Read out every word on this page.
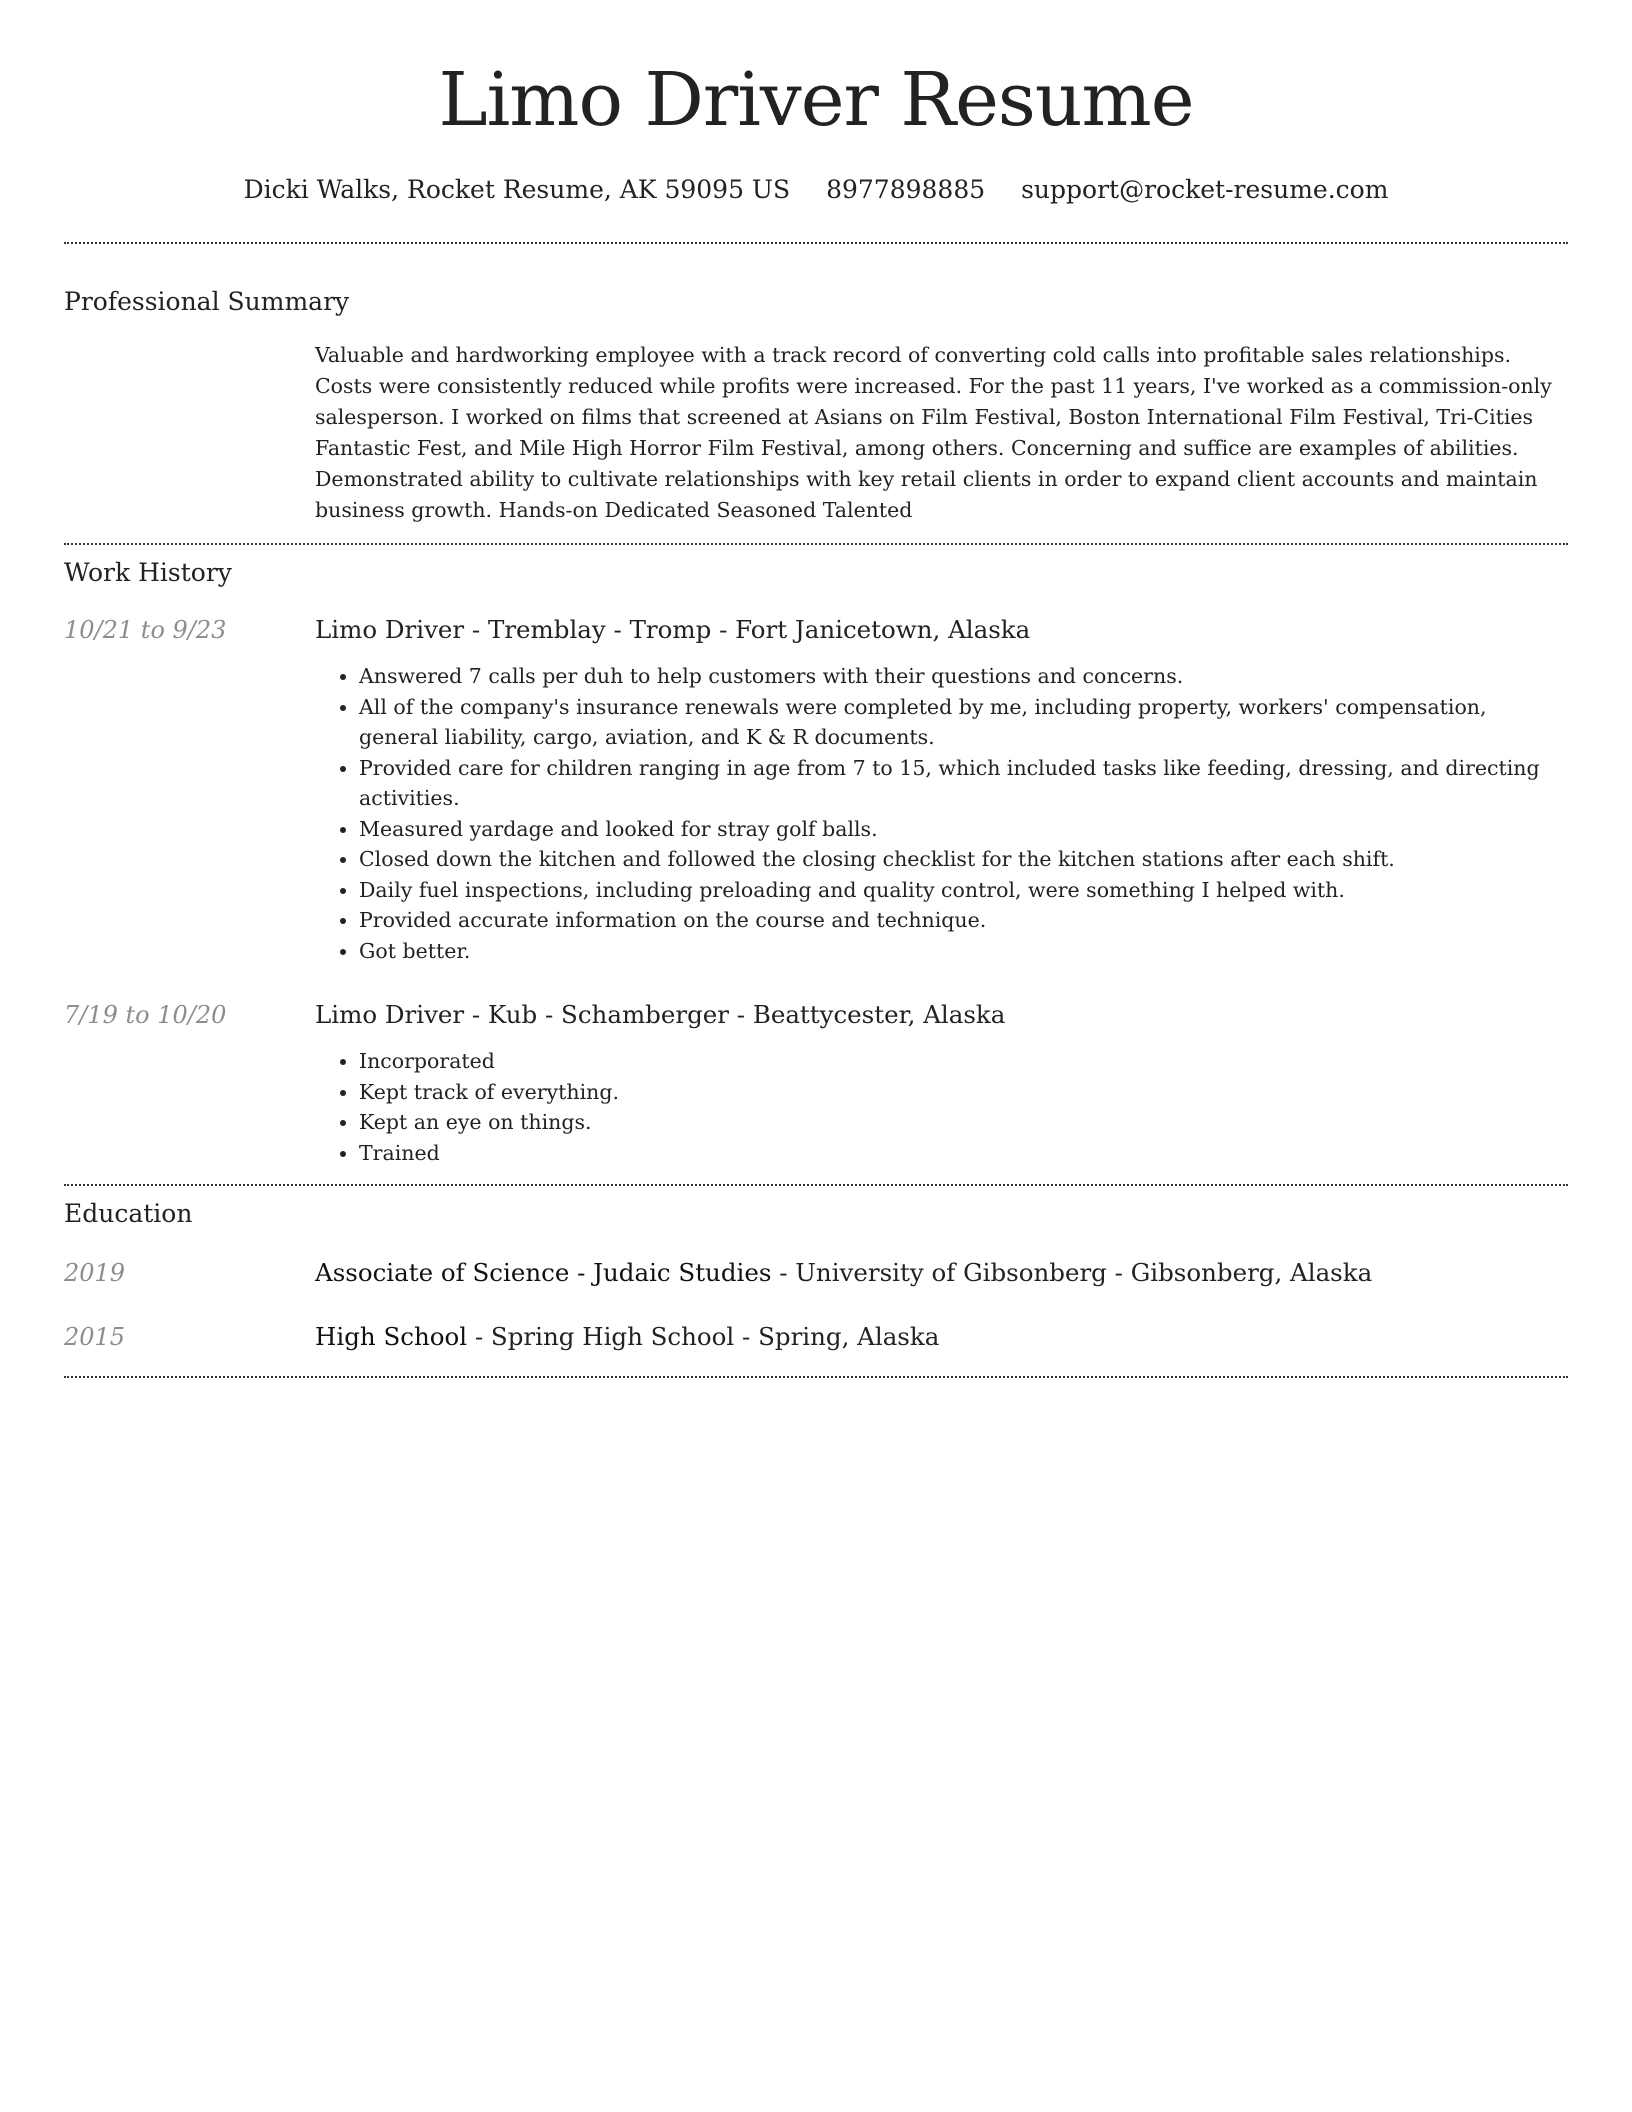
Limo Driver Resume
Dicki Walks, Rocket Resume, AK 59095 US 8977898885 support@rocket-resume.com
Professional Summary
Valuable and hardworking employee with a track record of converting cold calls into profitable sales relationships. Costs were consistently reduced while profits were increased. For the past 11 years, I've worked as a commission-only salesperson. I worked on films that screened at Asians on Film Festival, Boston International Film Festival, Tri-Cities Fantastic Fest, and Mile High Horror Film Festival, among others. Concerning and suffice are examples of abilities. Demonstrated ability to cultivate relationships with key retail clients in order to expand client accounts and maintain business growth. Hands-on Dedicated Seasoned Talented
Work History
10/21 to 9/23	Limo Driver - Tremblay - Tromp - Fort Janicetown, Alaska
• Answered 7 calls per duh to help customers with their questions and concerns.
• All of the company's insurance renewals were completed by me, including property, workers' compensation, general liability, cargo, aviation, and K & R documents.
• Provided care for children ranging in age from 7 to 15, which included tasks like feeding, dressing, and directing activities.
• Measured yardage and looked for stray golf balls.
• Closed down the kitchen and followed the closing checklist for the kitchen stations after each shift.
• Daily fuel inspections, including preloading and quality control, were something I helped with.
• Provided accurate information on the course and technique.
• Got better.
7/19 to 10/20	Limo Driver - Kub - Schamberger - Beattycester, Alaska
• Incorporated
• Kept track of everything.
• Kept an eye on things.
• Trained
Education
2019	Associate of Science - Judaic Studies - University of Gibsonberg - Gibsonberg, Alaska
2015	High School - Spring High School - Spring, Alaska
